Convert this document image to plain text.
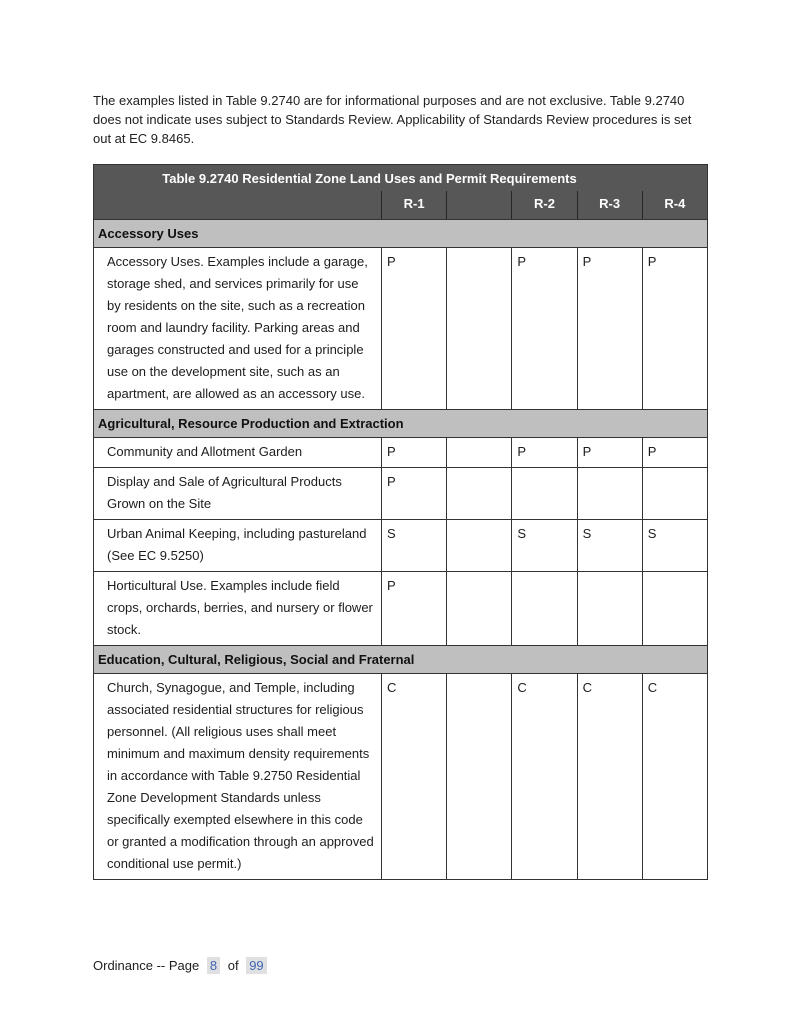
The examples listed in Table 9.2740 are for informational purposes and are not exclusive. Table 9.2740 does not indicate uses subject to Standards Review. Applicability of Standards Review procedures is set out at EC 9.8465.

Table 9.2740 Residential Zone Land Uses and Permit Requirements					
	R-1		R-2	R-3	R-4
Accessory Uses					
Accessory Uses. Examples include a garage, storage shed, and services primarily for use by residents on the site, such as a recreation room and laundry facility. Parking areas and garages constructed and used for a principle use on the development site, such as an apartment, are allowed as an accessory use.	P		P	P	P
Agricultural, Resource Production and Extraction					
Community and Allotment Garden	P		P	P	P
Display and Sale of Agricultural Products Grown on the Site	P				
Urban Animal Keeping, including pastureland (See EC 9.5250)	S		S	S	S
Horticultural Use. Examples include field crops, orchards, berries, and nursery or flower stock.	P				
Education, Cultural, Religious, Social and Fraternal					
Church, Synagogue, and Temple, including associated residential structures for religious personnel. (All religious uses shall meet minimum and maximum density requirements in accordance with Table 9.2750 Residential Zone Development Standards unless specifically exempted elsewhere in this code or granted a modification through an approved conditional use permit.)	C		C	C	C

Ordinance -- Page 8 of 99
